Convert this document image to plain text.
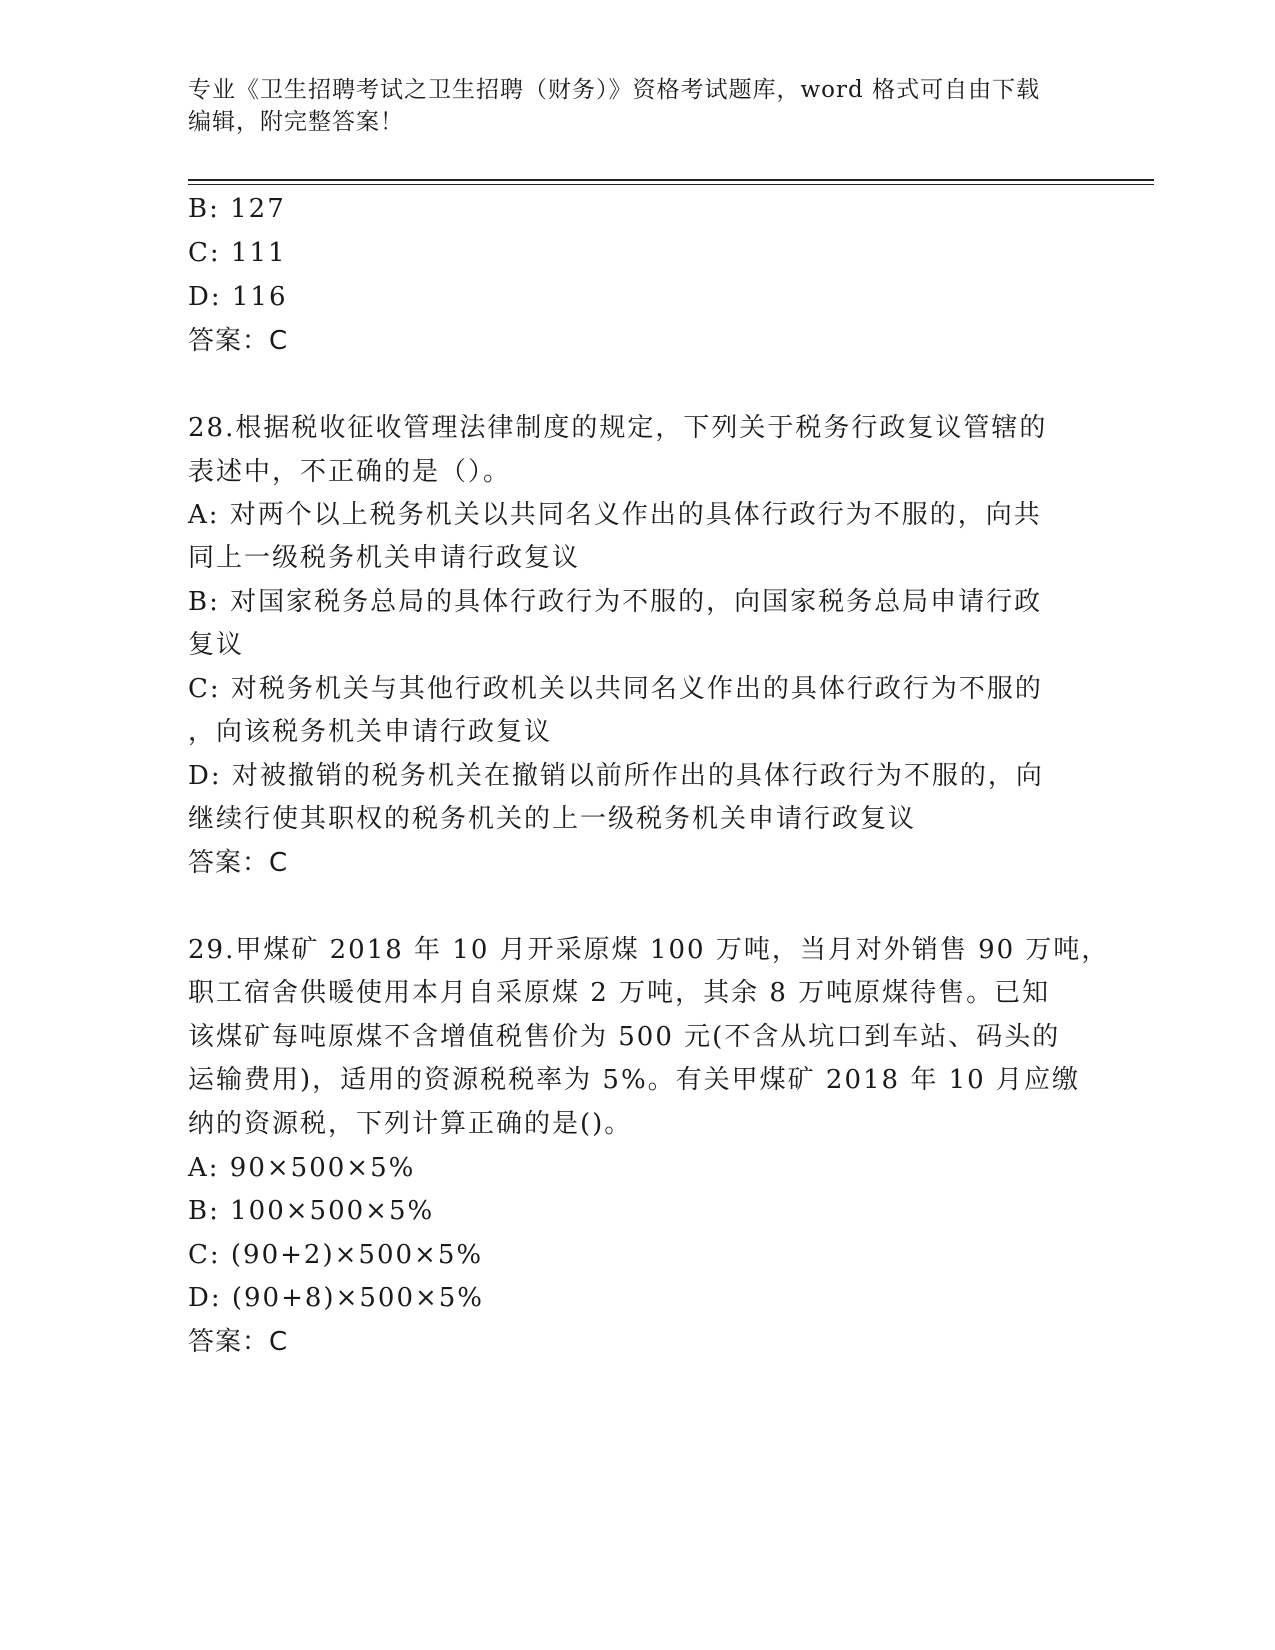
专业《卫生招聘考试之卫生招聘（财务）》资格考试题库，word 格式可自由下载
编辑，附完整答案！
B: 127
C: 111
D: 116
答案：C
28.根据税收征收管理法律制度的规定，下列关于税务行政复议管辖的
表述中，不正确的是（）。
A: 对两个以上税务机关以共同名义作出的具体行政行为不服的，向共
同上一级税务机关申请行政复议
B: 对国家税务总局的具体行政行为不服的，向国家税务总局申请行政
复议
C: 对税务机关与其他行政机关以共同名义作出的具体行政行为不服的
，向该税务机关申请行政复议
D: 对被撤销的税务机关在撤销以前所作出的具体行政行为不服的，向
继续行使其职权的税务机关的上一级税务机关申请行政复议
答案：C
29.甲煤矿 2018 年 10 月开采原煤 100 万吨，当月对外销售 90 万吨，
职工宿舍供暖使用本月自采原煤 2 万吨，其余 8 万吨原煤待售。已知
该煤矿每吨原煤不含增值税售价为 500 元(不含从坑口到车站、码头的
运输费用)，适用的资源税税率为 5%。有关甲煤矿 2018 年 10 月应缴
纳的资源税，下列计算正确的是()。
A: 90×500×5%
B: 100×500×5%
C: (90+2)×500×5%
D: (90+8)×500×5%
答案：C
